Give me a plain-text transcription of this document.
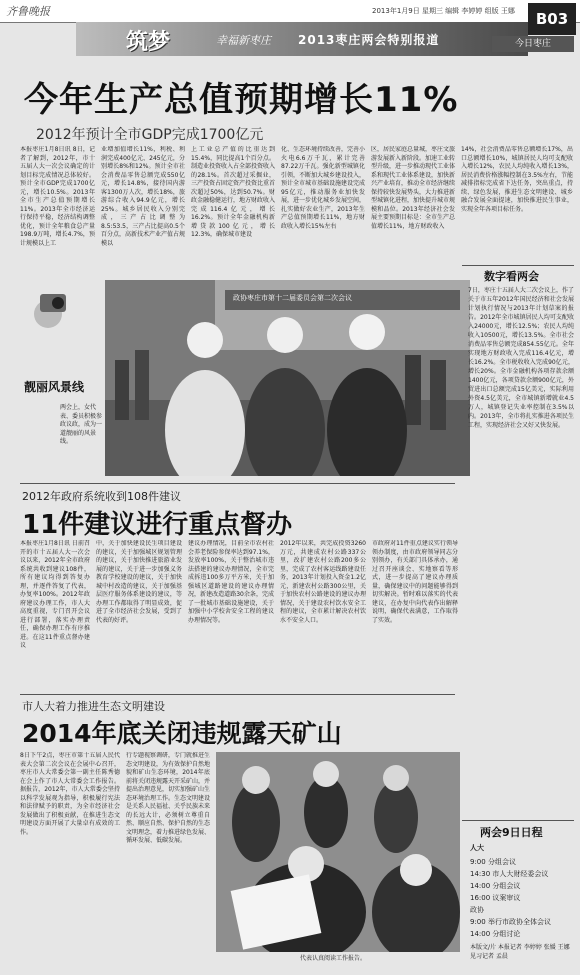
齐鲁晚报	2013年1月9日 星期三 编辑 李婷婷 组版 王娜	B03
筑梦	幸福新枣庄 2013枣庄两会特别报道	今日枣庄
今年生产总值预期增长11%
2012年预计全市GDP完成1700亿元
本报枣庄1月8日讯 8日，记者了解到，2012年，市十五届人大一次会议确定的计划目标完成情况总体较好。预计全市GDP完成1700亿元，增长10.5%。2013年全市生产总值预期增长11%。2013年全市经济运行保持平稳，经济结构调整优化，预计全年粮食总产量198.9万吨，增长4.7%，预计规模以上工
业增加值增长11%，利税、利润完成400亿元、245亿元，分别增长8%和12%。预计全市社会消费品零售总额完成550亿元，增长14.8%，接待国内游客1300万人次，增长18%，旅游综合收入94.9亿元，增长25%。城乡居民收入分别完成，三产占比调整为8.5:53.5，三产占比提高0.5个百分点，高新技术产业产值占规模以
上工业总产值的比重达到15.4%，同比提高1个百分点。制造业投资收入占全部投资收入的28.1%。首次超过采掘业，三产投资占固定资产投资比重首次超过50%，达到50.7%。财政金融稳健运行，地方财政收入完成116.4亿元，增长16.2%。预计全年金融机构新增贷款100亿元，增长12.3%，确保城市建设
化、生态环境持续改善，完善小火电6.6万千瓦，累计完善87.22万千瓦。强化新型城镇化引领，不断加大城乡建设投入，预计全市城市基础设施建设完成95亿元，推动服务业加快发展，进一步优化城乡发展空间，扎实做好农业生产，2013年生产总值预期增长11%，地方财政收入增长15%左右
区，居民家庭总量城，枣庄文旅游发展新入新阶段。加速工业转型升级，进一步推动现代工业体系和现代工业体系建设，加快新兴产业培育，推动全市经济继续保持较快发展势头，大力推进新型城镇化进程，加快提升城市规模和品位。2013年经济社会发展主要预期目标是：全市生产总值增长11%，地方财政收入
14%，社会消费品零售总额增长17%，出口总额增长10%，城镇居民人均可支配收入增长12%，农民人均纯收入增长13%，居民消费价格涨幅控制在3.5%左右，节能减排指标完成省下达任务，突出重点，持续、绿色发展，推进生态文明建设、城乡融合发展全面提速，加快推进民生事业，实现全年各项目标任务。
政协枣庄市第十二届委员会第二次会议
靓丽风景线
两会上，女代表、委员积极参政议政，成为一道靓丽的风景线。
2012年政府系统收到108件建议
11件建议进行重点督办
本报枣庄1月8日讯 日前召开的市十五届人大一次会议以来，2012年全市政府系统共收到建议108件，所有建议均得到答复办理，并逐件答复了代表，办复率100%。2012年政府建议办理工作，市人大高度重视，专门召开会议进行部署，落实办理责任，确保办理工作有序推进。在这11件重点督办建议
中，关于加快建设民生项目建设的建议，关于加强城区规划管理的建议，关于加快推进旅游业发展的建议，关于进一步加强义务教育学校建设的建议，关于加快城中村改造的建议，关于加强基层医疗服务体系建设的建议，等办理工作都取得了明显成效，促进了全市经济社会发展，受到了代表的好评。
建议办理情况，目前全市农村社会养老保险参保率达到97.1%，发放率100%，关于整治城市违法搭建的建议办理情况，全市完成拆违100多万平方米，关于加强城区道路建设的建议办理情况，新建改造道路30余条，完成了一批城市基础设施建设，关于加强中小学校舍安全工程的建议办理情况等。
2012年以来，共完成投资3260万元，共建成农村公路337公里，改扩建农村公路200多公里，完成了农村客运线路建设任务，2013年计划投入资金1.2亿元，新建农村公路300公里，关于加快农村公路建设的建议办理情况，关于建设农村饮水安全工程的建议，全市累计解决农村饮水不安全人口。
市政府对11件重点建议实行领导领办制度，由市政府领导同志分别领办，有关部门具体承办，通过召开座谈会、实地察看等形式，进一步提高了建议办理质量，确保建议中的问题能够得到切实解决。暂时难以落实的代表建议，在办复中向代表作出解释说明，确保代表满意，工作取得了实效。
市人大着力推进生态文明建设
2014年底关闭违规露天矿山
8日下午2点，枣庄市第十五届人民代表大会第二次会议在会展中心召开，枣庄市人大常委会第一副主任陈秀德在会上作了市人大常委会工作报告。据报告，2012年，市人大常委会坚持以科学发展观为指导，积极履行宪法和法律赋予的职责，为全市经济社会发展做出了积极贡献，在推进生态文明建设方面开展了大量卓有成效的工作。
行专题视察调研，专门就推进生态文明建设，为有效保护自然地貌和矿山生态环境，2014年底前将关闭违规露天开采矿山，并提出治理意见，切实加强矿山生态环境治理工作。生态文明建设是关系人民福祉、关乎民族未来的长远大计，必须树立尊重自然、顺应自然、保护自然的生态文明理念，着力推进绿色发展、循环发展、低碳发展。
代表认真阅读工作报告。
数字看两会
7日，枣庄十五届人大二次会议上，作了关于市五年2012年国民经济和社会发展计划执行情况与2013年计划草案的报告。2012年全市城镇居民人均可支配收入24000元，增长12.5%；农民人均纯收入10500元，增长13.5%。全市社会消费品零售总额完成854.55亿元。全年实现地方财政收入完成116.4亿元，增长16.2%。全市税收收入完成90亿元，增长20%。全市金融机构各项存款余额1400亿元，各项贷款余额900亿元，外贸进出口总额完成15亿美元，实际利用外资4.5亿美元，全市城镇新增就业4.5万人，城镇登记失业率控制在3.5%以内。2013年，全市将扎实推进各项民生工程，实现经济社会又好又快发展。
两会9日日程
人大
9:00 分组会议
14:30 市人大财经委会议
14:00 分组会议
16:00 议案审议
政协
9:00 举行市政协全体会议
14:00 分组讨论
本版文/片 本报记者 李婷婷 张媛 王娜 见习记者 孟晨
